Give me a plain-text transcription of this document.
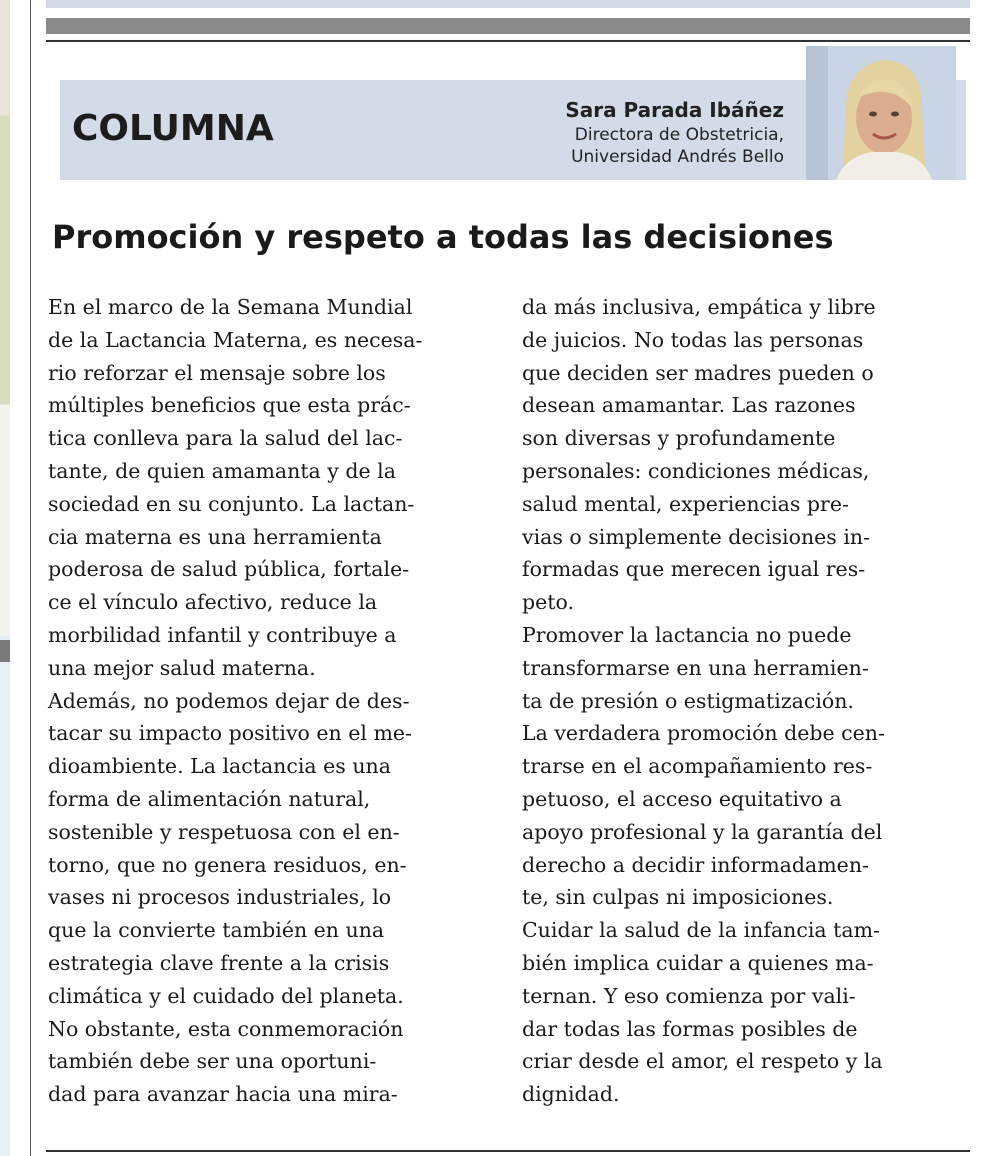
COLUMNA	Sara Parada Ibáñez
Directora de Obstetricia,
Universidad Andrés Bello
Promoción y respeto a todas las decisiones
En el marco de la Semana Mundial
de la Lactancia Materna, es necesa-
rio reforzar el mensaje sobre los
múltiples beneficios que esta prác-
tica conlleva para la salud del lac-
tante, de quien amamanta y de la
sociedad en su conjunto. La lactan-
cia materna es una herramienta
poderosa de salud pública, fortale-
ce el vínculo afectivo, reduce la
morbilidad infantil y contribuye a
una mejor salud materna.
Además, no podemos dejar de des-
tacar su impacto positivo en el me-
dioambiente. La lactancia es una
forma de alimentación natural,
sostenible y respetuosa con el en-
torno, que no genera residuos, en-
vases ni procesos industriales, lo
que la convierte también en una
estrategia clave frente a la crisis
climática y el cuidado del planeta.
No obstante, esta conmemoración
también debe ser una oportuni-
dad para avanzar hacia una mira-
da más inclusiva, empática y libre
de juicios. No todas las personas
que deciden ser madres pueden o
desean amamantar. Las razones
son diversas y profundamente
personales: condiciones médicas,
salud mental, experiencias pre-
vias o simplemente decisiones in-
formadas que merecen igual res-
peto.
Promover la lactancia no puede
transformarse en una herramien-
ta de presión o estigmatización.
La verdadera promoción debe cen-
trarse en el acompañamiento res-
petuoso, el acceso equitativo a
apoyo profesional y la garantía del
derecho a decidir informadamen-
te, sin culpas ni imposiciones.
Cuidar la salud de la infancia tam-
bién implica cuidar a quienes ma-
ternan. Y eso comienza por vali-
dar todas las formas posibles de
criar desde el amor, el respeto y la
dignidad.
